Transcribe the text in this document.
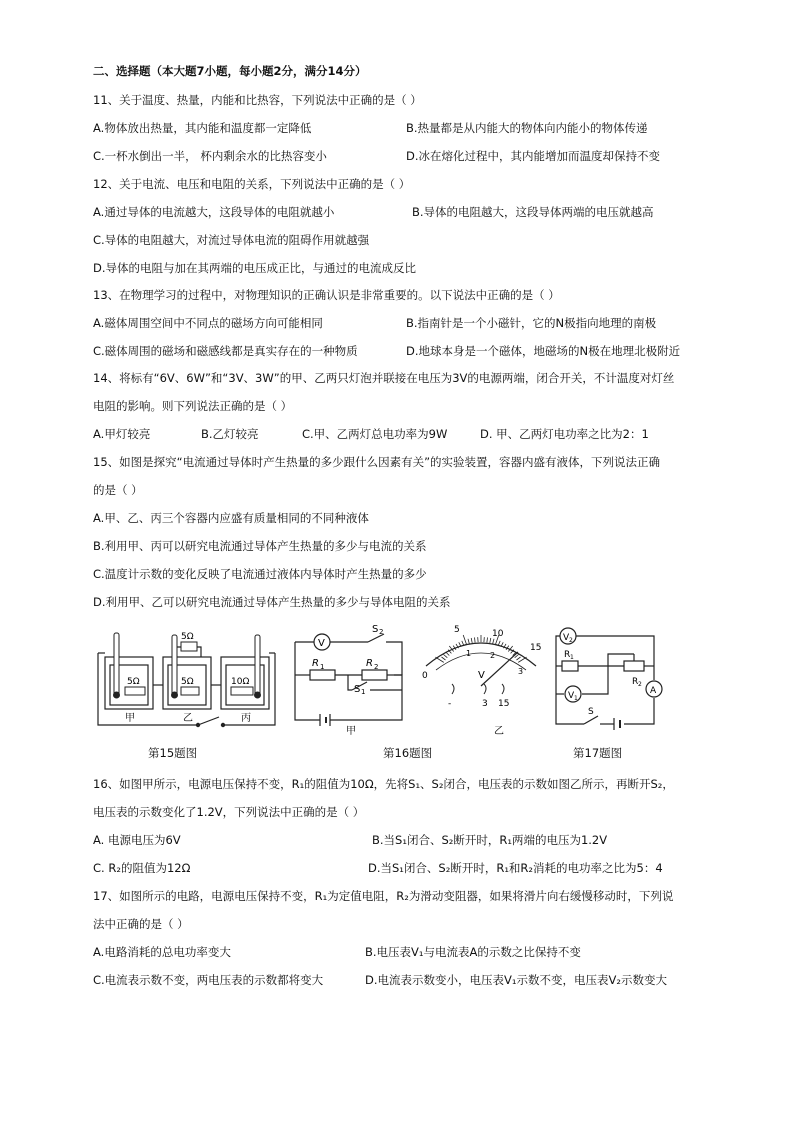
二、选择题（本大题7小题，每小题2分，满分14分）
11、关于温度、热量，内能和比热容，下列说法中正确的是（ ）
A.物体放出热量，其内能和温度都一定降低	B.热量都是从内能大的物体向内能小的物体传递
C.一杯水倒出一半， 杯内剩余水的比热容变小	D.冰在熔化过程中，其内能增加而温度却保持不变
12、关于电流、电压和电阻的关系，下列说法中正确的是（ ）
A.通过导体的电流越大，这段导体的电阻就越小	B.导体的电阻越大，这段导体两端的电压就越高
C.导体的电阻越大，对流过导体电流的阻碍作用就越强
D.导体的电阻与加在其两端的电压成正比，与通过的电流成反比
13、在物理学习的过程中，对物理知识的正确认识是非常重要的。以下说法中正确的是（ ）
A.磁体周围空间中不同点的磁场方向可能相同	B.指南针是一个小磁针，它的N极指向地理的南极
C.磁体周围的磁场和磁感线都是真实存在的一种物质	D.地球本身是一个磁体，地磁场的N极在地理北极附近
14、将标有“6V、6W”和“3V、3W”的甲、乙两只灯泡并联接在电压为3V的电源两端，闭合开关，不计温度对灯丝
电阻的影响。则下列说法正确的是（ ）
A.甲灯较亮	B.乙灯较亮	C.甲、乙两灯总电功率为9W	D. 甲、乙两灯电功率之比为2：1
15、如图是探究“电流通过导体时产生热量的多少跟什么因素有关”的实验装置，容器内盛有液体，下列说法正确
的是（ ）
A.甲、乙、丙三个容器内应盛有质量相同的不同种液体
B.利用甲、丙可以研究电流通过导体产生热量的多少与电流的关系
C.温度计示数的变化反映了电流通过液体内导体时产生热量的多少
D.利用甲、乙可以研究电流通过导体产生热量的多少与导体电阻的关系
5Ω
5Ω
5Ω	10Ω
甲	乙	丙
第15题图
V
R 1	R 2
S 2
S 1
甲
0
5	10
15
1 2
3
V
-	3 15
乙
第16题图
V 2
V 1
R 1
R 2
A
S
第17题图
16、如图甲所示，电源电压保持不变，R₁的阻值为10Ω，先将S₁、S₂闭合，电压表的示数如图乙所示，再断开S₂，
电压表的示数变化了1.2V，下列说法中正确的是（ ）
A. 电源电压为6V	B.当S₁闭合、S₂断开时，R₁两端的电压为1.2V
C. R₂的阻值为12Ω	D.当S₁闭合、S₂断开时，R₁和R₂消耗的电功率之比为5：4
17、如图所示的电路，电源电压保持不变，R₁为定值电阻，R₂为滑动变阻器，如果将滑片向右缓慢移动时，下列说
法中正确的是（ ）
A.电路消耗的总电功率变大	B.电压表V₁与电流表A的示数之比保持不变
C.电流表示数不变，两电压表的示数都将变大	D.电流表示数变小，电压表V₁示数不变，电压表V₂示数变大
